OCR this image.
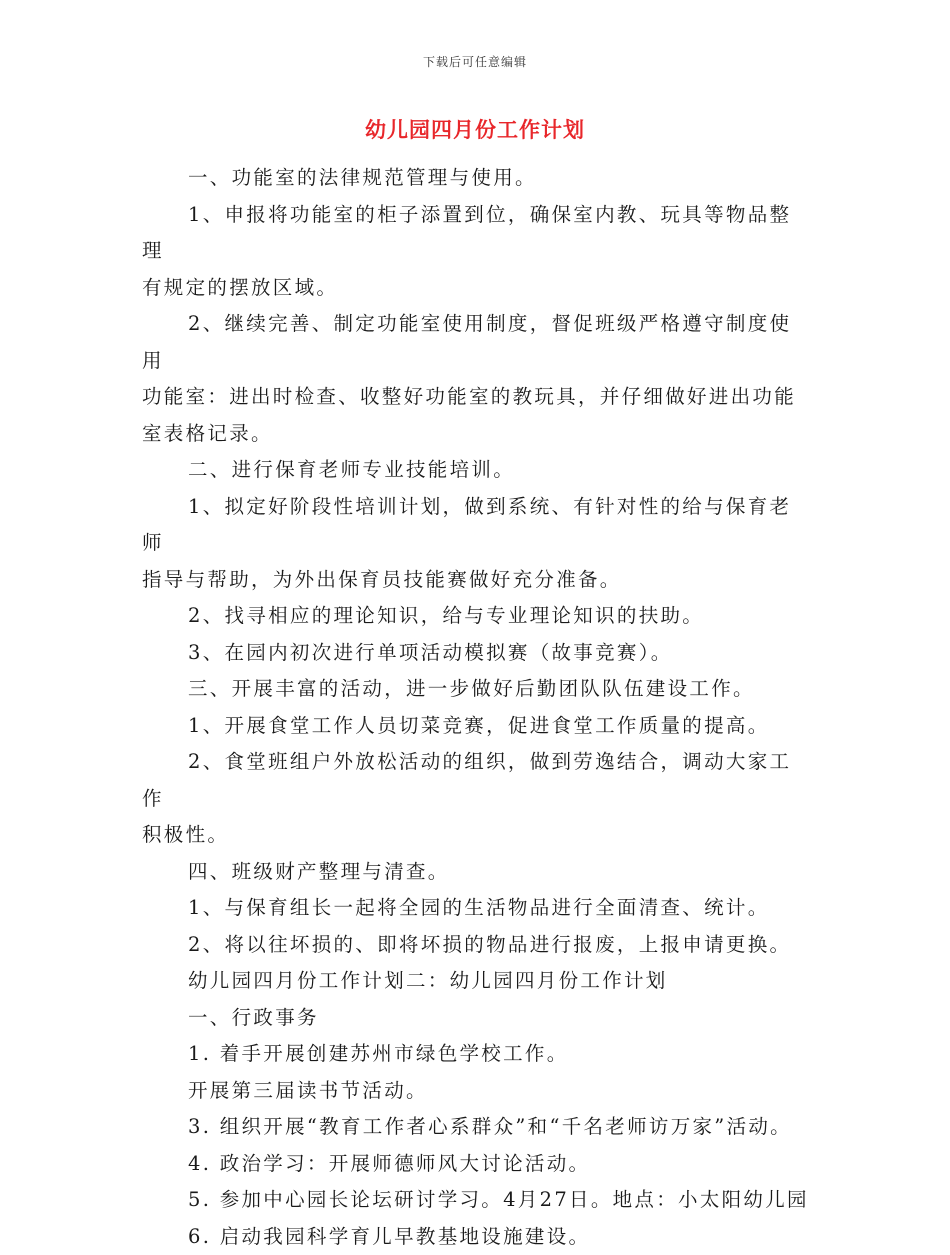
下载后可任意编辑
幼儿园四月份工作计划

一、功能室的法律规范管理与使用。

1、申报将功能室的柜子添置到位，确保室内教、玩具等物品整理
有规定的摆放区域。

2、继续完善、制定功能室使用制度，督促班级严格遵守制度使用
功能室：进出时检查、收整好功能室的教玩具，并仔细做好进出功能
室表格记录。

二、进行保育老师专业技能培训。

1、拟定好阶段性培训计划，做到系统、有针对性的给与保育老师
指导与帮助，为外出保育员技能赛做好充分准备。

2、找寻相应的理论知识，给与专业理论知识的扶助。

3、在园内初次进行单项活动模拟赛（故事竞赛）。

三、开展丰富的活动，进一步做好后勤团队队伍建设工作。

1、开展食堂工作人员切菜竞赛，促进食堂工作质量的提高。

2、食堂班组户外放松活动的组织，做到劳逸结合，调动大家工作
积极性。

四、班级财产整理与清查。

1、与保育组长一起将全园的生活物品进行全面清查、统计。

2、将以往坏损的、即将坏损的物品进行报废，上报申请更换。

幼儿园四月份工作计划二：幼儿园四月份工作计划

一、行政事务

1. 着手开展创建苏州市绿色学校工作。

开展第三届读书节活动。

3. 组织开展“教育工作者心系群众”和“千名老师访万家”活动。

4. 政治学习：开展师德师风大讨论活动。

5. 参加中心园长论坛研讨学习。4月27日。地点：小太阳幼儿园

6. 启动我园科学育儿早教基地设施建设。
